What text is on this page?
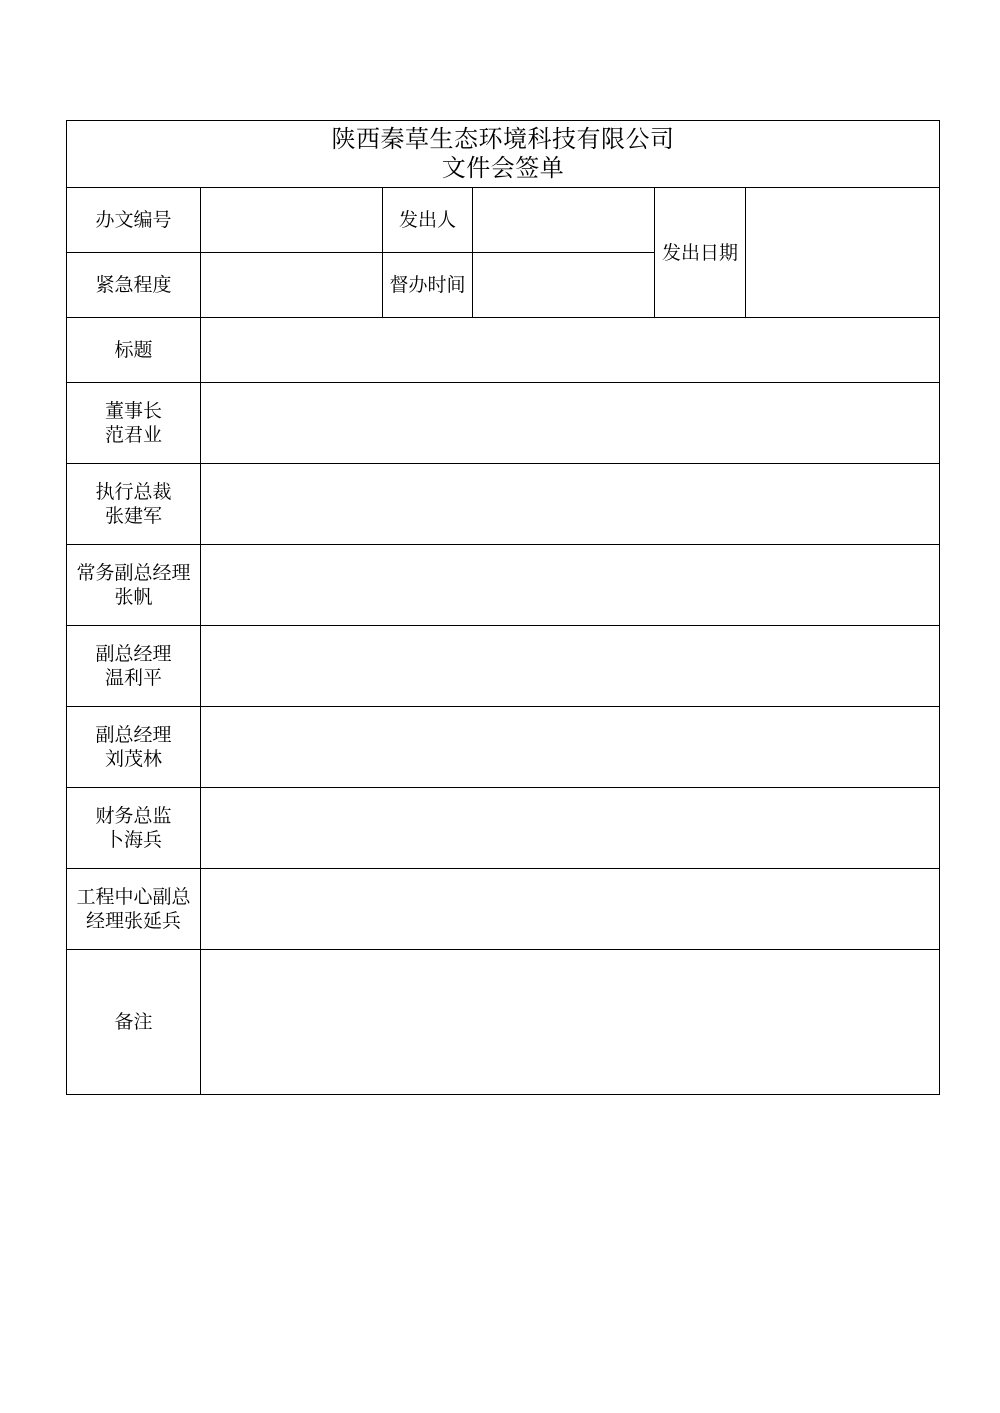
陕西秦草生态环境科技有限公司
文件会签单					

办文编号		发出人		发出日期	
紧急程度		督办时间			
标题					

董事长
范君业					

执行总裁
张建军					

常务副总经理
张帆					

副总经理
温利平					

副总经理
刘茂林					

财务总监
卜海兵					

工程中心副总
经理张延兵					

备注					
